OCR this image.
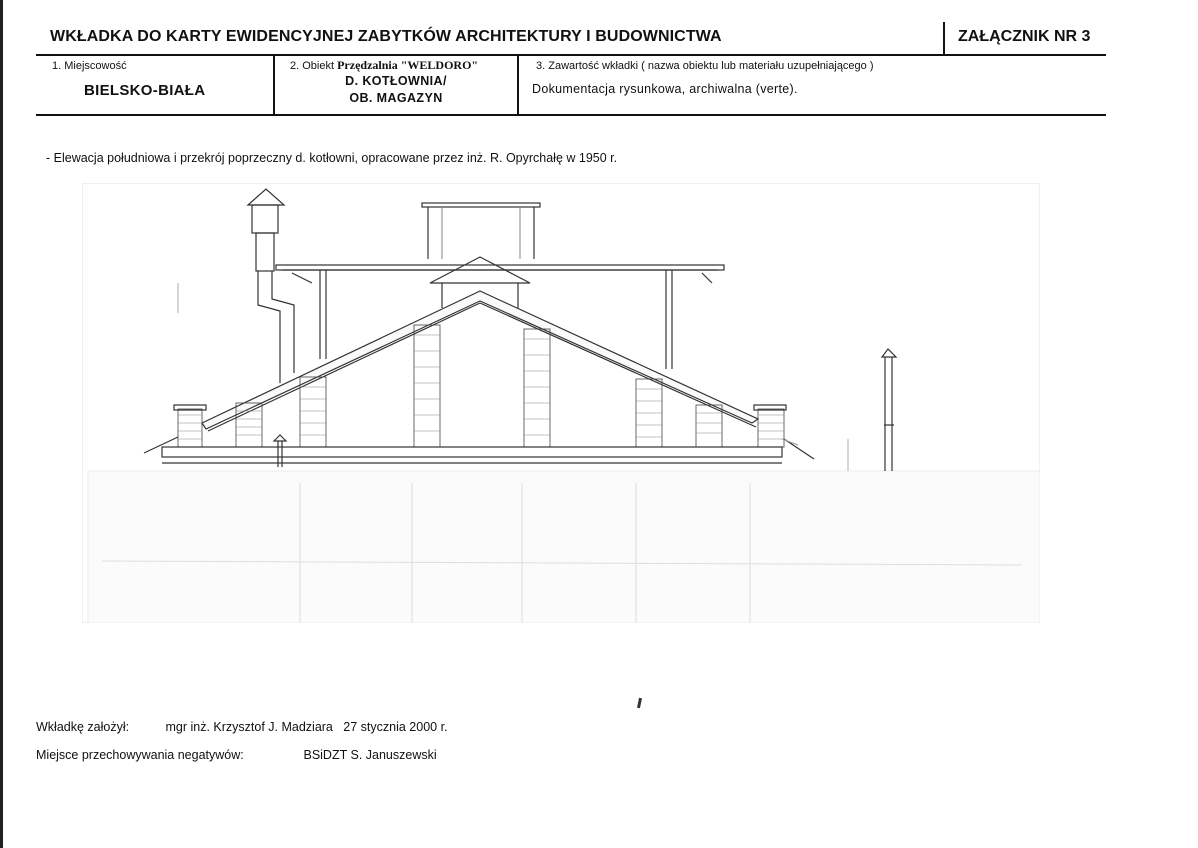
WKŁADKA DO KARTY EWIDENCYJNEJ ZABYTKÓW ARCHITEKTURY I BUDOWNICTWA	ZAŁĄCZNIK NR 3
1. Miejscowość
BIELSKO-BIAŁA
2. Obiekt Przędzalnia "WELDORO"
D. KOTŁOWNIA/
OB. MAGAZYN
3. Zawartość wkładki ( nazwa obiektu lub materiału uzupełniającego )
Dokumentacja rysunkowa, archiwalna (verte).
- Elewacja południowa i przekrój poprzeczny d. kotłowni, opracowane przez inż. R. Opyrchałę w 1950 r.
Wkładkę założył:	mgr inż. Krzysztof J. Madziara   27 stycznia 2000 r.
Miejsce przechowywania negatywów:	BSiDZT S. Januszewski
